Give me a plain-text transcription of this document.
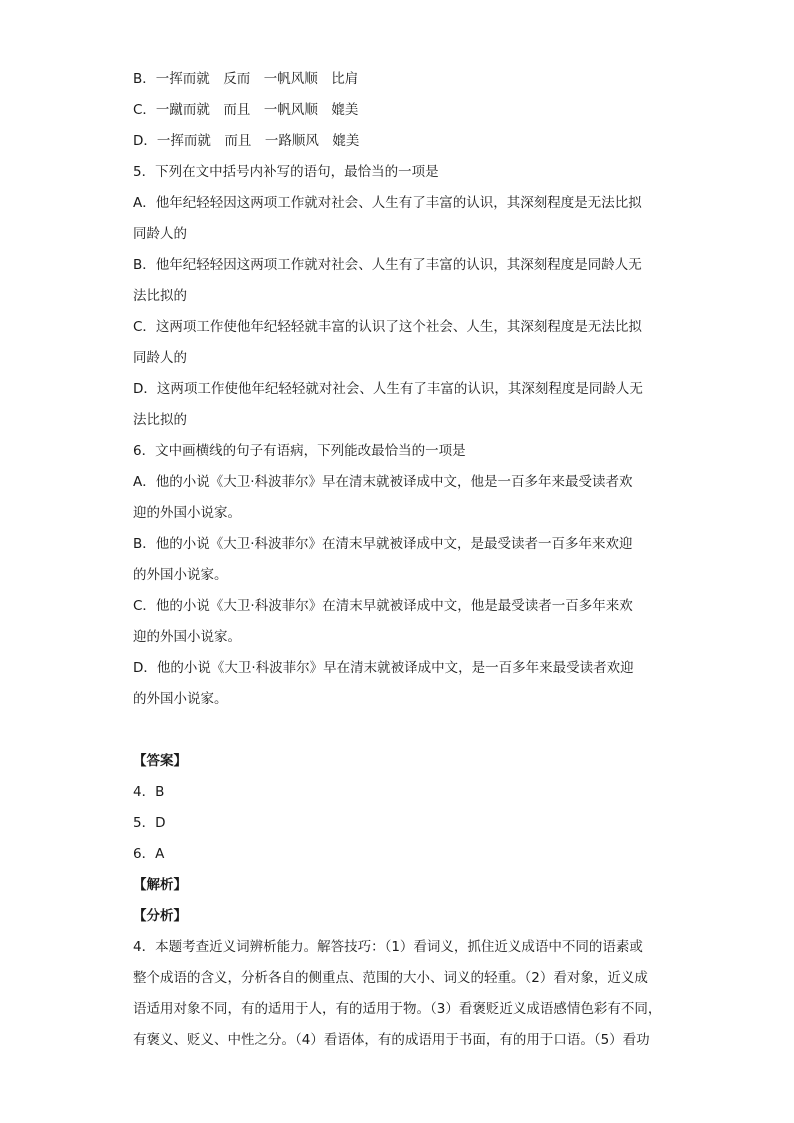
B．一挥而就　反而　一帆风顺　比肩
C．一蹴而就　而且　一帆风顺　媲美
D．一挥而就　而且　一路顺风　媲美
5．下列在文中括号内补写的语句，最恰当的一项是
A．他年纪轻轻因这两项工作就对社会、人生有了丰富的认识，其深刻程度是无法比拟
同龄人的
B．他年纪轻轻因这两项工作就对社会、人生有了丰富的认识，其深刻程度是同龄人无
法比拟的
C．这两项工作使他年纪轻轻就丰富的认识了这个社会、人生，其深刻程度是无法比拟
同龄人的
D．这两项工作使他年纪轻轻就对社会、人生有了丰富的认识，其深刻程度是同龄人无
法比拟的
6．文中画横线的句子有语病，下列能改最恰当的一项是
A．他的小说《大卫·科波菲尔》早在清末就被译成中文，他是一百多年来最受读者欢
迎的外国小说家。
B．他的小说《大卫·科波菲尔》在清末早就被译成中文，是最受读者一百多年来欢迎
的外国小说家。
C．他的小说《大卫·科波菲尔》在清末早就被译成中文，他是最受读者一百多年来欢
迎的外国小说家。
D．他的小说《大卫·科波菲尔》早在清末就被译成中文，是一百多年来最受读者欢迎
的外国小说家。
【答案】
4．B
5．D
6．A
【解析】
【分析】
4．本题考查近义词辨析能力。解答技巧：（1）看词义，抓住近义成语中不同的语素或
整个成语的含义，分析各自的侧重点、范围的大小、词义的轻重。（2）看对象，近义成
语适用对象不同，有的适用于人，有的适用于物。（3）看褒贬近义成语感情色彩有不同，
有褒义、贬义、中性之分。（4）看语体，有的成语用于书面，有的用于口语。（5）看功
